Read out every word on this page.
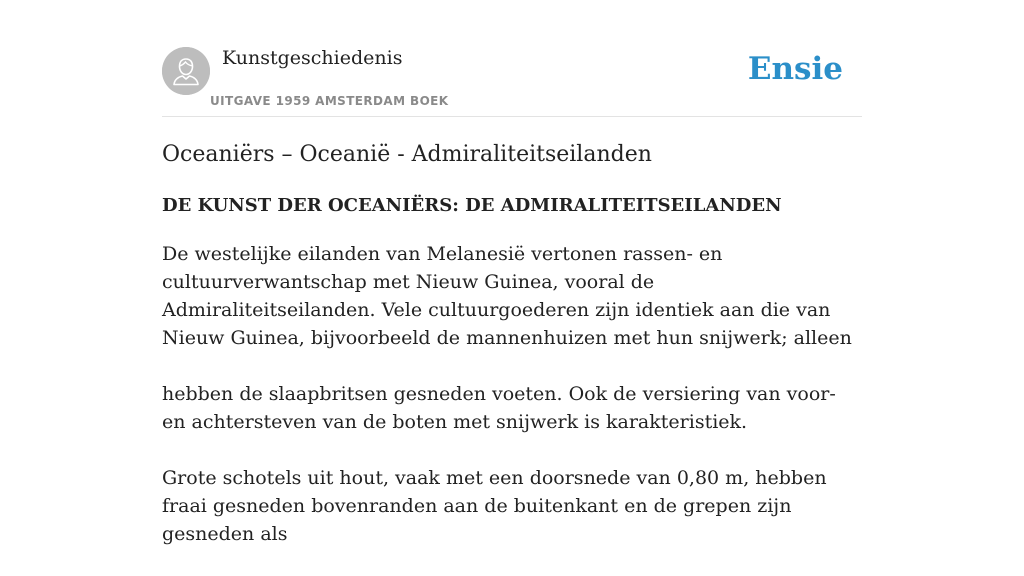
Kunstgeschiedenis
UITGAVE 1959 AMSTERDAM BOEK
Ensie
Oceaniërs – Oceanië - Admiraliteitseilanden
DE KUNST DER OCEANIËRS: DE ADMIRALITEITSEILANDEN

De westelijke eilanden van Melanesië vertonen rassen- en cultuurverwantschap met Nieuw Guinea, vooral de Admiraliteitseilanden. Vele cultuurgoederen zijn identiek aan die van Nieuw Guinea, bijvoorbeeld de mannenhuizen met hun snijwerk; alleen

hebben de slaapbritsen gesneden voeten. Ook de versiering van voor- en achtersteven van de boten met snijwerk is karakteristiek.

Grote schotels uit hout, vaak met een doorsnede van 0,80 m, hebben fraai gesneden bovenranden aan de buitenkant en de grepen zijn gesneden als
